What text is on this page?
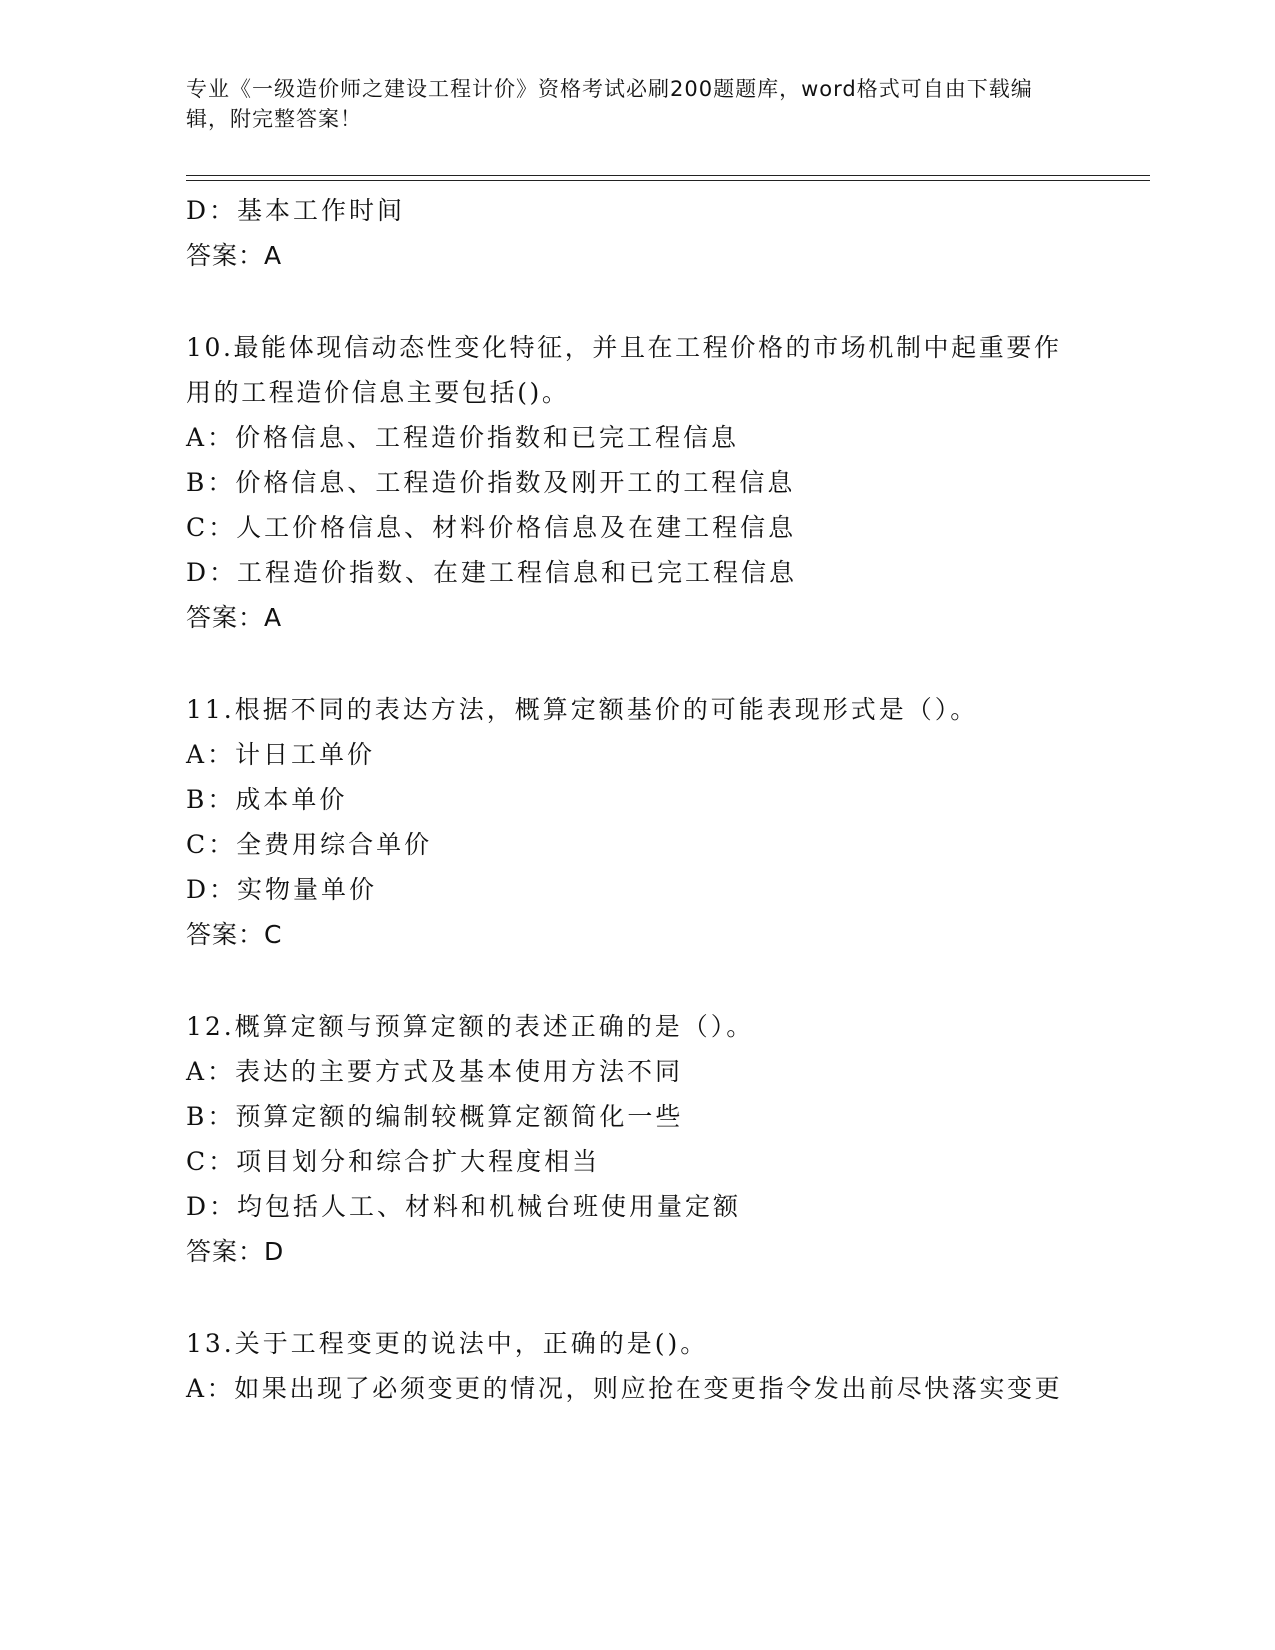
专业《一级造价师之建设工程计价》资格考试必刷200题题库，word格式可自由下载编辑，附完整答案！
D：基本工作时间
答案：A
10.最能体现信动态性变化特征，并且在工程价格的市场机制中起重要作用的工程造价信息主要包括()。
A：价格信息、工程造价指数和已完工程信息
B：价格信息、工程造价指数及刚开工的工程信息
C：人工价格信息、材料价格信息及在建工程信息
D：工程造价指数、在建工程信息和已完工程信息
答案：A
11.根据不同的表达方法，概算定额基价的可能表现形式是（）。
A：计日工单价
B：成本单价
C：全费用综合单价
D：实物量单价
答案：C
12.概算定额与预算定额的表述正确的是（）。
A：表达的主要方式及基本使用方法不同
B：预算定额的编制较概算定额简化一些
C：项目划分和综合扩大程度相当
D：均包括人工、材料和机械台班使用量定额
答案：D
13.关于工程变更的说法中，正确的是()。
A：如果出现了必须变更的情况，则应抢在变更指令发出前尽快落实变更
